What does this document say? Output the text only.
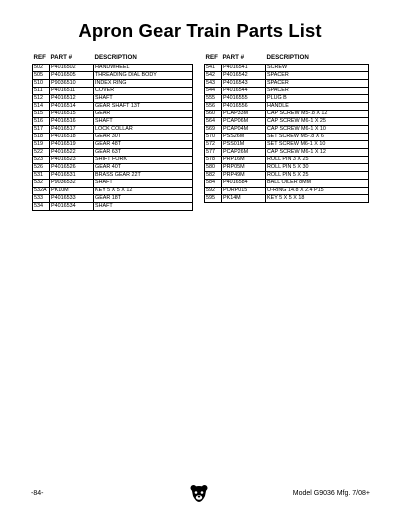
Apron Gear Train Parts List
REF	PART #	DESCRIPTION
502	P4016502	HANDWHEEL
505	P4016505	THREADING DIAL BODY
510	P9036510	INDEX RING
511	P4016511	COVER
512	P4016512	SHAFT
514	P4016514	GEAR SHAFT 13T
515	P4016515	GEAR
516	P4016516	SHAFT
517	P4016517	LOCK COLLAR
518	P4016518	GEAR 30T
519	P4016519	GEAR 48T
522	P4016522	GEAR 63T
523	P4016523	SHIFT FORK
526	P4016526	GEAR 40T
531	P4016531	BRASS GEAR 22T
532	P9036532	SHAFT
532A	PK10M	KEY 5 X 5 X 12
533	P4016533	GEAR 18T
534	P4016534	SHAFT
REF	PART #	DESCRIPTION
541	P4016541	SCREW
542	P4016542	SPACER
543	P4016543	SPACER
544	P4016544	SPACER
555	P4016555	PLUG B
556	P4016556	HANDLE
560	PCAP33M	CAP SCREW M5-.8 X 12
564	PCAP06M	CAP SCREW M6-1 X 25
569	PCAP04M	CAP SCREW M6-1 X 10
570	PSS26M	SET SCREW M5-.8 X 6
572	PSS01M	SET SCREW M6-1 X 10
577	PCAP26M	CAP SCREW M6-1 X 12
578	PRP16M	ROLL PIN 3 X 25
580	PRP05M	ROLL PIN 5 X 30
582	PRP49M	ROLL PIN 5 X 25
584	P4016584	BALL OILER 8MM
592	PORP015	O-RING 14.8 X 2.4 P15
595	PK14M	KEY 5 X 5 X 18
-84-	Model G9036 Mfg. 7/08+
